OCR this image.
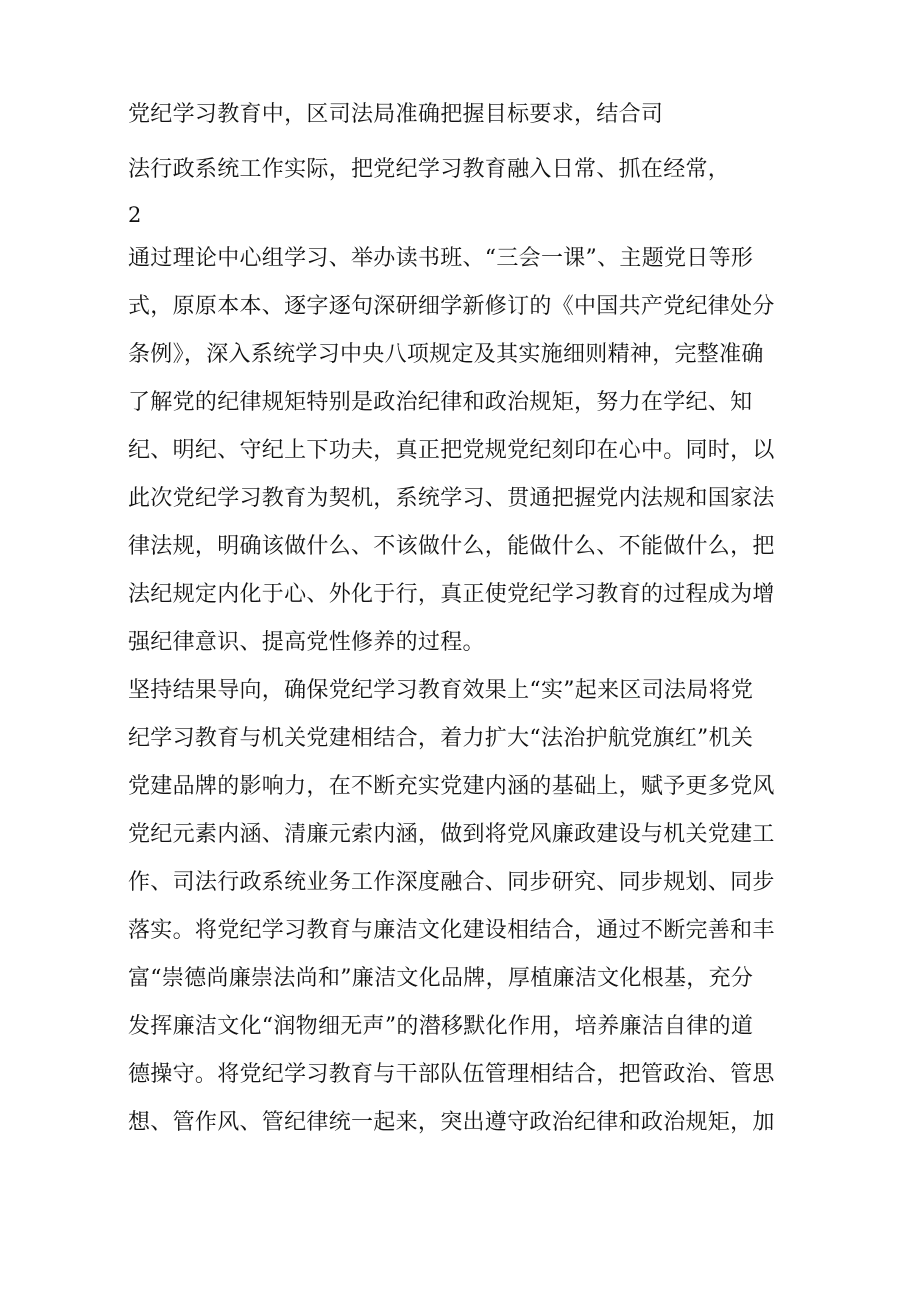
党纪学习教育中，区司法局准确把握目标要求，结合司
法行政系统工作实际，把党纪学习教育融入日常、抓在经常，
2
通过理论中心组学习、举办读书班、“三会一课”、主题党日等形
式，原原本本、逐字逐句深研细学新修订的《中国共产党纪律处分
条例》，深入系统学习中央八项规定及其实施细则精神，完整准确
了解党的纪律规矩特别是政治纪律和政治规矩，努力在学纪、知
纪、明纪、守纪上下功夫，真正把党规党纪刻印在心中。同时，以
此次党纪学习教育为契机，系统学习、贯通把握党内法规和国家法
律法规，明确该做什么、不该做什么，能做什么、不能做什么，把
法纪规定内化于心、外化于行，真正使党纪学习教育的过程成为增
强纪律意识、提高党性修养的过程。
坚持结果导向，确保党纪学习教育效果上“实”起来区司法局将党
纪学习教育与机关党建相结合，着力扩大“法治护航党旗红”机关
党建品牌的影响力，在不断充实党建内涵的基础上，赋予更多党风
党纪元素内涵、清廉元索内涵，做到将党风廉政建设与机关党建工
作、司法行政系统业务工作深度融合、同步研究、同步规划、同步
落实。将党纪学习教育与廉洁文化建设相结合，通过不断完善和丰
富“崇德尚廉崇法尚和”廉洁文化品牌，厚植廉洁文化根基，充分
发挥廉洁文化“润物细无声”的潜移默化作用，培养廉洁自律的道
德操守。将党纪学习教育与干部队伍管理相结合，把管政治、管思
想、管作风、管纪律统一起来，突出遵守政治纪律和政治规矩，加
